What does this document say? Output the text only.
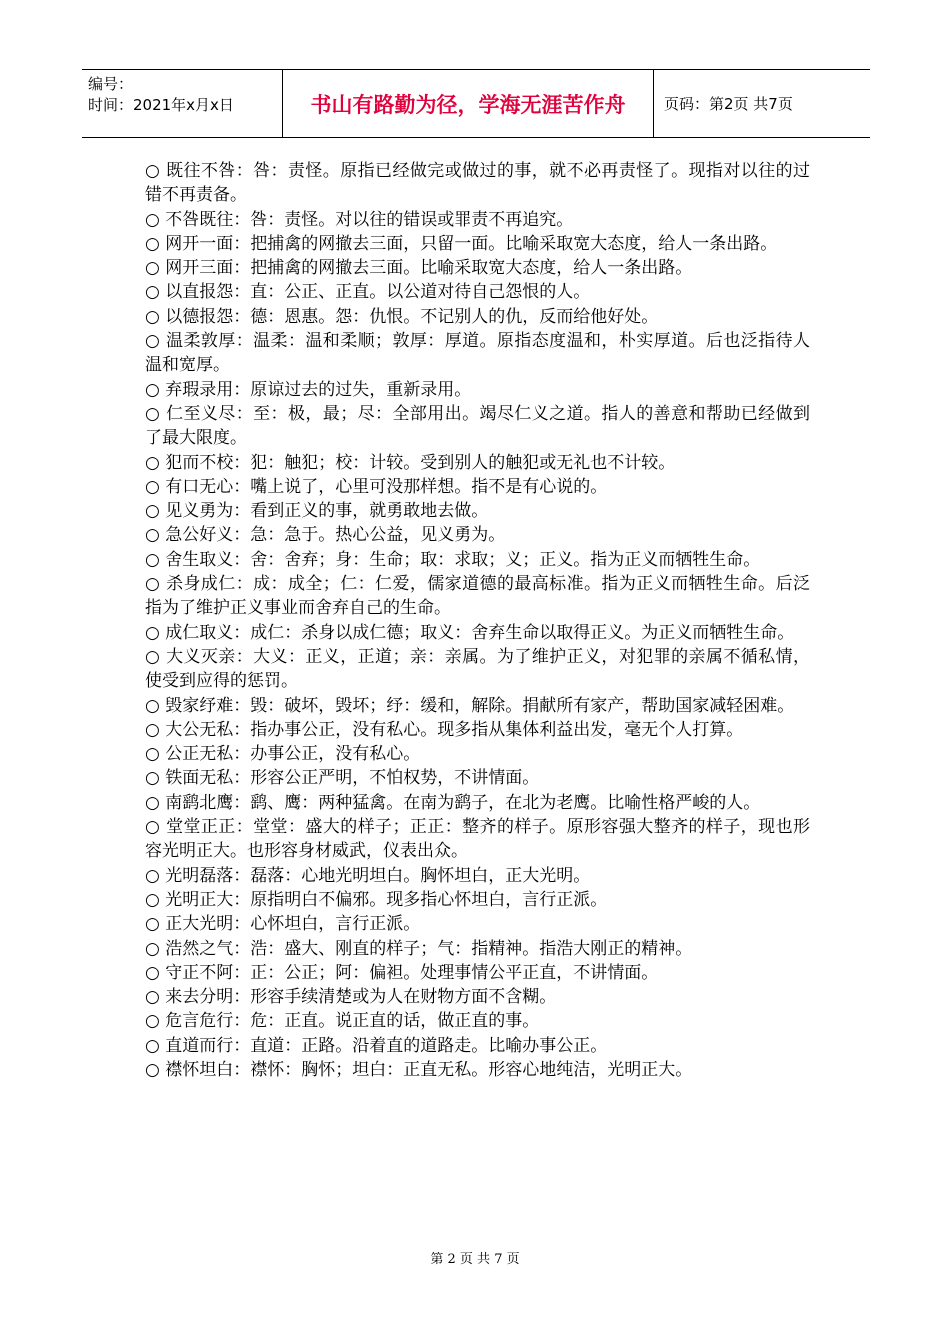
编号：
时间：2021年x月x日	书山有路勤为径，学海无涯苦作舟	页码：第2页 共7页
○ 既往不咎：咎：责怪。原指已经做完或做过的事，就不必再责怪了。现指对以往的过错不再责备。
○ 不咎既往：咎：责怪。对以往的错误或罪责不再追究。
○ 网开一面：把捕禽的网撤去三面，只留一面。比喻采取宽大态度，给人一条出路。
○ 网开三面：把捕禽的网撤去三面。比喻采取宽大态度，给人一条出路。
○ 以直报怨：直：公正、正直。以公道对待自己怨恨的人。
○ 以德报怨：德：恩惠。怨：仇恨。不记别人的仇，反而给他好处。
○ 温柔敦厚：温柔：温和柔顺；敦厚：厚道。原指态度温和，朴实厚道。后也泛指待人温和宽厚。
○ 弃瑕录用：原谅过去的过失，重新录用。
○ 仁至义尽：至：极，最；尽：全部用出。竭尽仁义之道。指人的善意和帮助已经做到了最大限度。
○ 犯而不校：犯：触犯；校：计较。受到别人的触犯或无礼也不计较。
○ 有口无心：嘴上说了，心里可没那样想。指不是有心说的。
○ 见义勇为：看到正义的事，就勇敢地去做。
○ 急公好义：急：急于。热心公益，见义勇为。
○ 舍生取义：舍：舍弃；身：生命；取：求取；义；正义。指为正义而牺牲生命。
○ 杀身成仁：成：成全；仁：仁爱，儒家道德的最高标准。指为正义而牺牲生命。后泛指为了维护正义事业而舍弃自己的生命。
○ 成仁取义：成仁：杀身以成仁德；取义：舍弃生命以取得正义。为正义而牺牲生命。
○ 大义灭亲：大义：正义，正道；亲：亲属。为了维护正义，对犯罪的亲属不循私情，使受到应得的惩罚。
○ 毁家纾难：毁：破坏，毁坏；纾：缓和，解除。捐献所有家产，帮助国家减轻困难。
○ 大公无私：指办事公正，没有私心。现多指从集体利益出发，毫无个人打算。
○ 公正无私：办事公正，没有私心。
○ 铁面无私：形容公正严明，不怕权势，不讲情面。
○ 南鹞北鹰：鹞、鹰：两种猛禽。在南为鹞子，在北为老鹰。比喻性格严峻的人。
○ 堂堂正正：堂堂：盛大的样子；正正：整齐的样子。原形容强大整齐的样子，现也形容光明正大。也形容身材威武，仪表出众。
○ 光明磊落：磊落：心地光明坦白。胸怀坦白，正大光明。
○ 光明正大：原指明白不偏邪。现多指心怀坦白，言行正派。
○ 正大光明：心怀坦白，言行正派。
○ 浩然之气：浩：盛大、刚直的样子；气：指精神。指浩大刚正的精神。
○ 守正不阿：正：公正；阿：偏袒。处理事情公平正直，不讲情面。
○ 来去分明：形容手续清楚或为人在财物方面不含糊。
○ 危言危行：危：正直。说正直的话，做正直的事。
○ 直道而行：直道：正路。沿着直的道路走。比喻办事公正。
○ 襟怀坦白：襟怀：胸怀；坦白：正直无私。形容心地纯洁，光明正大。
第 2 页 共 7 页
